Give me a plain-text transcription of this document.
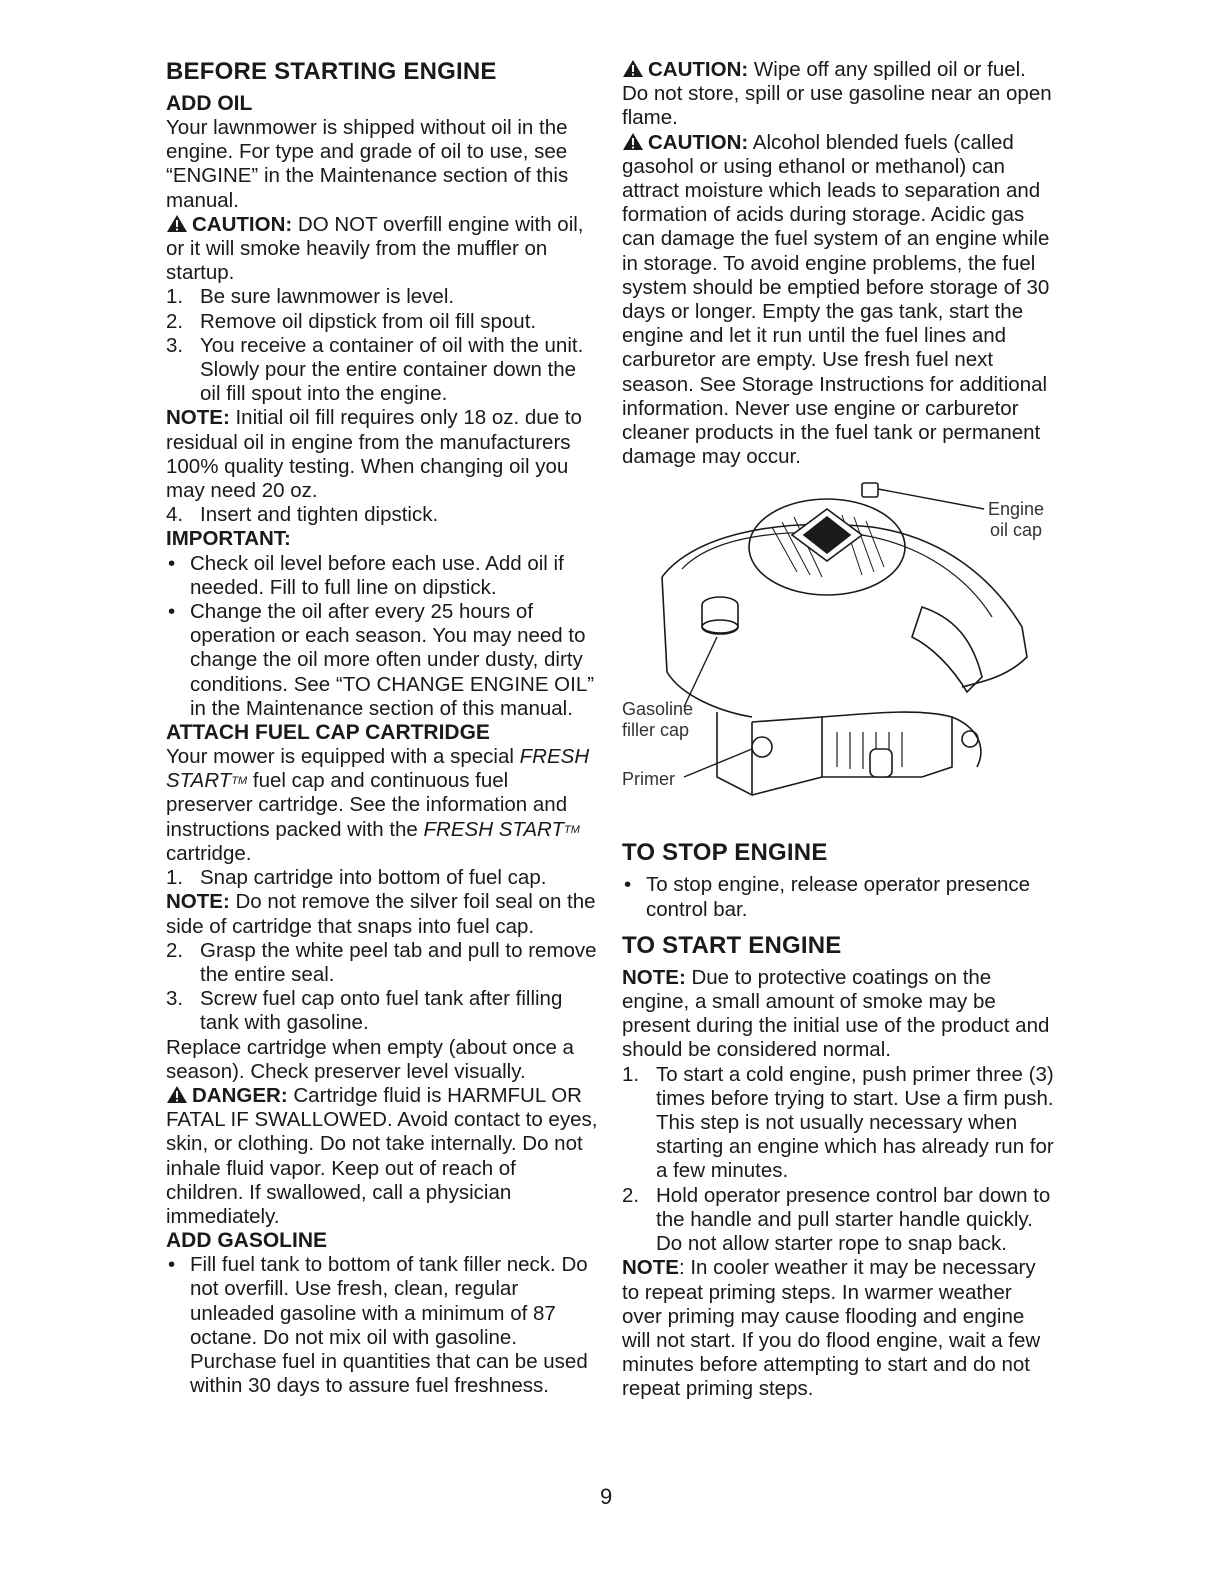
BEFORE STARTING ENGINE
ADD OIL

Your lawnmower is shipped without oil in the engine. For type and grade of oil to use, see “ENGINE” in the Maintenance section of this manual.

CAUTION: DO NOT overfill engine with oil, or it will smoke heavily from the muffler on startup.

1. Be sure lawnmower is level.
2. Remove oil dipstick from oil fill spout.
3. You receive a container of oil with the unit. Slowly pour the entire container down the oil fill spout into the engine.

NOTE: Initial oil fill requires only 18 oz. due to residual oil in engine from the manufacturers 100% quality testing. When changing oil you may need 20 oz.

4. Insert and tighten dipstick.

IMPORTANT:

• Check oil level before each use. Add oil if needed. Fill to full line on dipstick.
• Change the oil after every 25 hours of operation or each season. You may need to change the oil more often under dusty, dirty conditions. See “TO CHANGE ENGINE OIL” in the Maintenance section of this manual.
ATTACH FUEL CAP CARTRIDGE

Your mower is equipped with a special FRESH STARTTM fuel cap and continuous fuel preserver cartridge. See the information and instructions packed with the FRESH STARTTM cartridge.

1. Snap cartridge into bottom of fuel cap.

NOTE: Do not remove the silver foil seal on the side of cartridge that snaps into fuel cap.

2. Grasp the white peel tab and pull to remove the entire seal.
3. Screw fuel cap onto fuel tank after filling tank with gasoline.

Replace cartridge when empty (about once a season). Check preserver level visually.

DANGER: Cartridge fluid is HARMFUL OR FATAL IF SWALLOWED. Avoid contact to eyes, skin, or clothing. Do not take internally. Do not inhale fluid vapor. Keep out of reach of children. If swallowed, call a physician immediately.

ADD GASOLINE
• Fill fuel tank to bottom of tank filler neck. Do not overfill. Use fresh, clean, regular unleaded gasoline with a minimum of 87 octane. Do not mix oil with gasoline. Purchase fuel in quantities that can be used within 30 days to assure fuel freshness.

CAUTION: Wipe off any spilled oil or fuel. Do not store, spill or use gasoline near an open flame.

CAUTION: Alcohol blended fuels (called gasohol or using ethanol or methanol) can attract moisture which leads to separation and formation of acids during storage. Acidic gas can damage the fuel system of an engine while in storage. To avoid engine problems, the fuel system should be emptied before storage of 30 days or longer. Empty the gas tank, start the engine and let it run until the fuel lines and carburetor are empty. Use fresh fuel next season. See Storage Instructions for additional information. Never use engine or carburetor cleaner products in the fuel tank or permanent damage may occur.

Engine
oil cap
Gasoline
filler cap
Primer
TO STOP ENGINE
• To stop engine, release operator presence control bar.
TO START ENGINE

NOTE: Due to protective coatings on the engine, a small amount of smoke may be present during the initial use of the product and should be considered normal.

1. To start a cold engine, push primer three (3) times before trying to start. Use a firm push. This step is not usually necessary when starting an engine which has already run for a few minutes.
2. Hold operator presence control bar down to the handle and pull starter handle quickly. Do not allow starter rope to snap back.

NOTE: In cooler weather it may be necessary to repeat priming steps. In warmer weather over priming may cause flooding and engine will not start. If you do flood engine, wait a few minutes before attempting to start and do not repeat priming steps.

9
